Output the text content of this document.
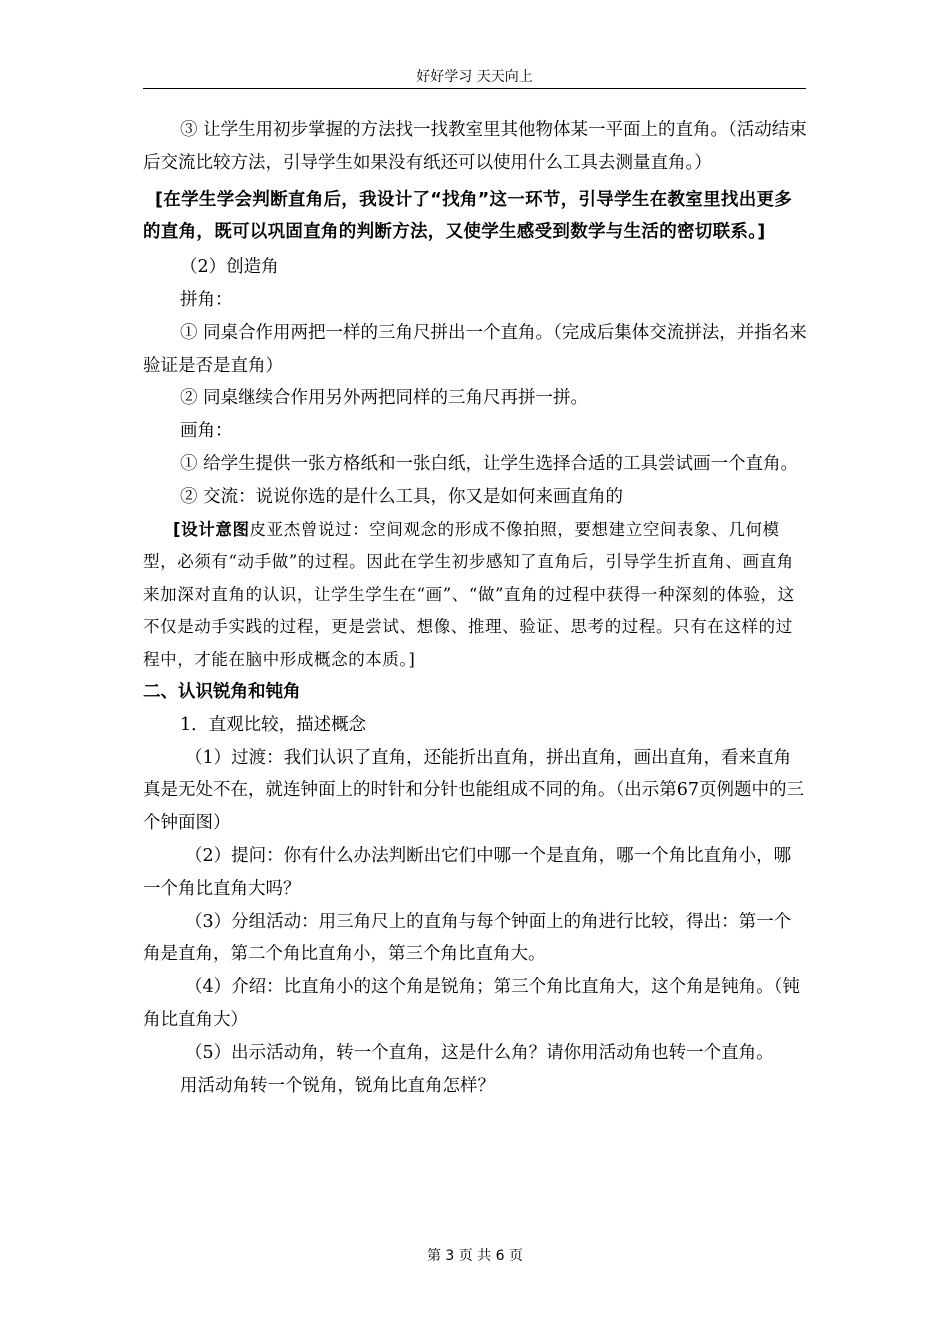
好好学习 天天向上

③ 让学生用初步掌握的方法找一找教室里其他物体某一平面上的直角。（活动结束后交流比较方法，引导学生如果没有纸还可以使用什么工具去测量直角。）

[在学生学会判断直角后，我设计了“找角”这一环节，引导学生在教室里找出更多的直角，既可以巩固直角的判断方法，又使学生感受到数学与生活的密切联系。]

（2）创造角

拼角：

① 同桌合作用两把一样的三角尺拼出一个直角。（完成后集体交流拼法，并指名来验证是否是直角）

② 同桌继续合作用另外两把同样的三角尺再拼一拼。

画角：

① 给学生提供一张方格纸和一张白纸，让学生选择合适的工具尝试画一个直角。

② 交流：说说你选的是什么工具，你又是如何来画直角的

[设计意图皮亚杰曾说过：空间观念的形成不像拍照，要想建立空间表象、几何模型，必须有“动手做”的过程。因此在学生初步感知了直角后，引导学生折直角、画直角来加深对直角的认识，让学生学生在“画”、“做”直角的过程中获得一种深刻的体验，这不仅是动手实践的过程，更是尝试、想像、推理、验证、思考的过程。只有在这样的过程中，才能在脑中形成概念的本质。]

二、认识锐角和钝角

1．直观比较，描述概念

（1）过渡：我们认识了直角，还能折出直角，拼出直角，画出直角，看来直角真是无处不在，就连钟面上的时针和分针也能组成不同的角。（出示第67页例题中的三个钟面图）

（2）提问：你有什么办法判断出它们中哪一个是直角，哪一个角比直角小，哪一个角比直角大吗？

（3）分组活动：用三角尺上的直角与每个钟面上的角进行比较，得出：第一个角是直角，第二个角比直角小，第三个角比直角大。

（4）介绍：比直角小的这个角是锐角；第三个角比直角大，这个角是钝角。（钝角比直角大）

（5）出示活动角，转一个直角，这是什么角？请你用活动角也转一个直角。

用活动角转一个锐角，锐角比直角怎样？

第 3 页 共 6 页
